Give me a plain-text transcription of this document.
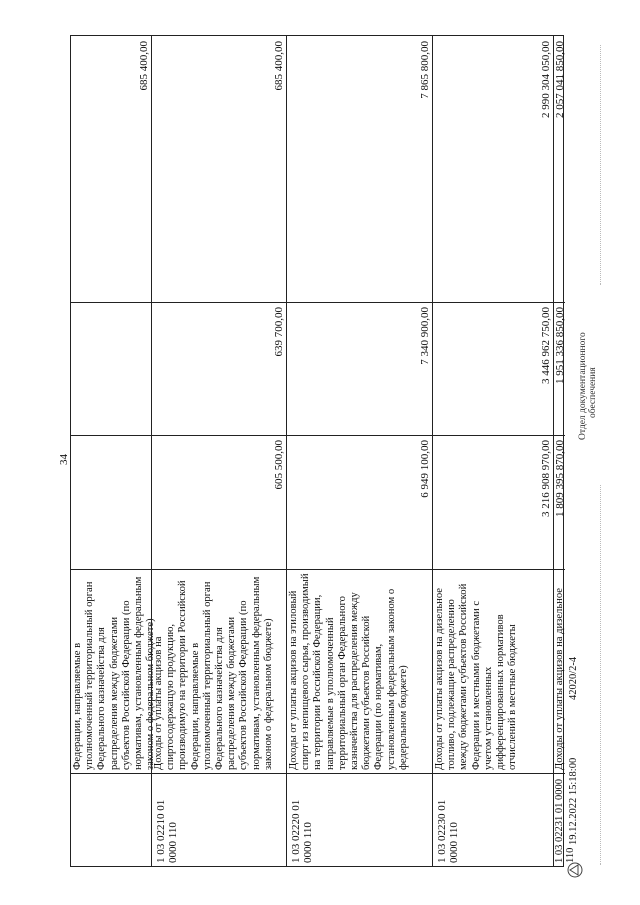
34
Федерации, направляемые в уполномоченный территориальный орган Федерального казначейства для распределения между бюджетами субъектов Российской Федерации (по нормативам, установленным федеральным законом о федеральном бюджете)
685 400,00
1 03 02210 01 0000 110
Доходы от уплаты акцизов на спиртосодержащую продукцию, производимую на территории Российской Федерации, направляемые в уполномоченный территориальный орган Федерального казначейства для распределения между бюджетами субъектов Российской Федерации (по нормативам, установленным федеральным законом о федеральном бюджете)
605 500,00
639 700,00
685 400,00
1 03 02220 01 0000 110
Доходы от уплаты акцизов на этиловый спирт из непищевого сырья, производимый на территории Российской Федерации, направляемые в уполномоченный территориальный орган Федерального казначейства для распределения между бюджетами субъектов Российской Федерации (по нормативам, установленным федеральным законом о федеральном бюджете)
6 949 100,00
7 340 900,00
7 865 800,00
1 03 02230 01 0000 110
Доходы от уплаты акцизов на дизельное топливо, подлежащие распределению между бюджетами субъектов Российской Федерации и местными бюджетами с учетом установленных дифференцированных нормативов отчислений в местные бюджеты
3 216 908 970,00
3 446 962 750,00
2 990 304 050,00
1 03 02231 01 0000 110
Доходы от уплаты акцизов на дизельное
1 809 395 870,00
1 951 336 850,00
2 057 041 850,00
19.12.2022 15:18:00
42020/2-4
Отдел документационного обеспечения
